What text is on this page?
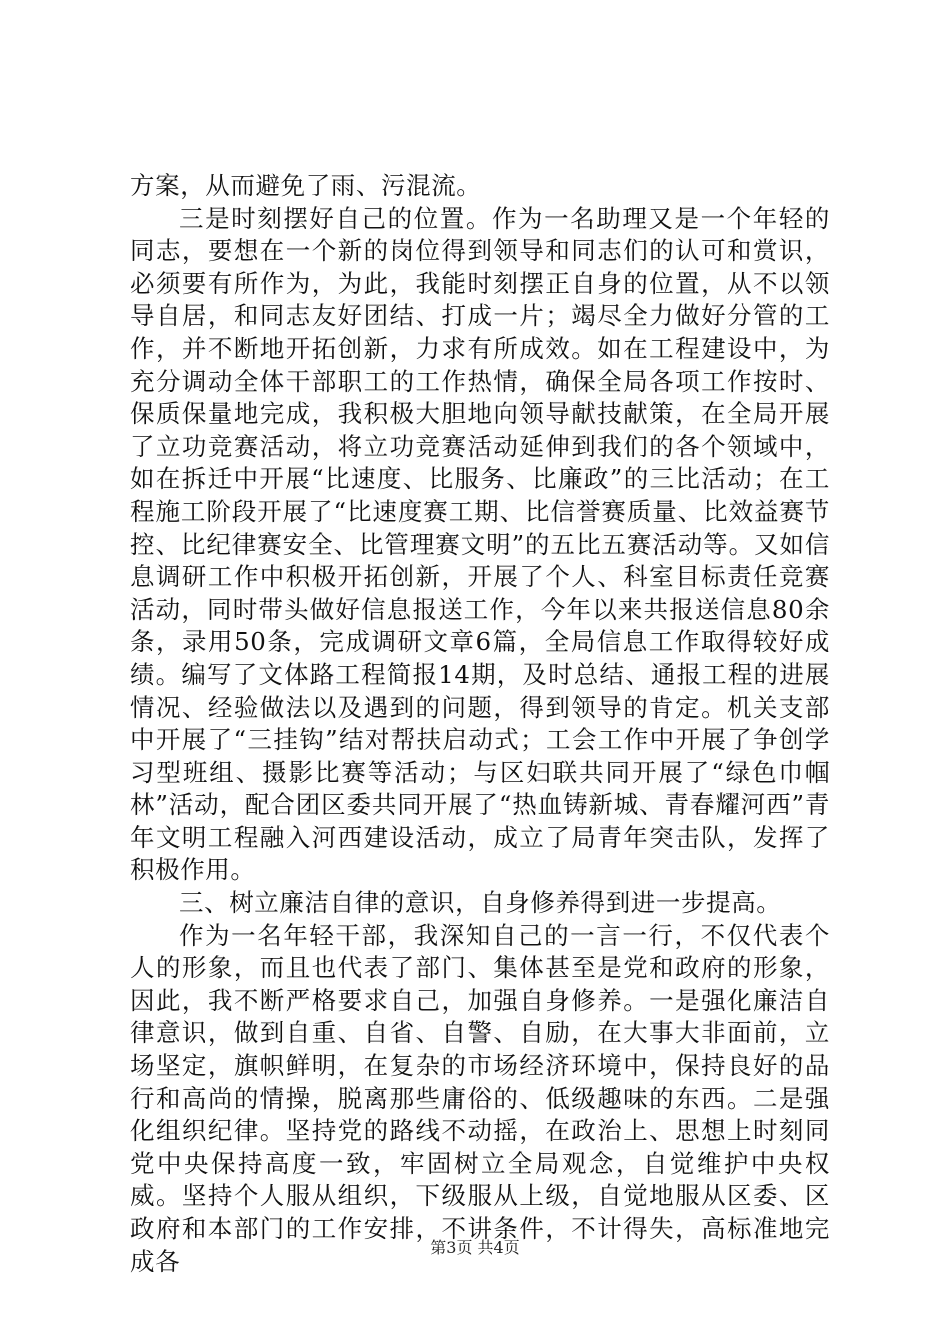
方案，从而避免了雨、污混流。

三是时刻摆好自己的位置。作为一名助理又是一个年轻的同志，要想在一个新的岗位得到领导和同志们的认可和赏识，必须要有所作为，为此，我能时刻摆正自身的位置，从不以领导自居，和同志友好团结、打成一片；竭尽全力做好分管的工作，并不断地开拓创新，力求有所成效。如在工程建设中，为充分调动全体干部职工的工作热情，确保全局各项工作按时、保质保量地完成，我积极大胆地向领导献技献策，在全局开展了立功竞赛活动，将立功竞赛活动延伸到我们的各个领域中，如在拆迁中开展“比速度、比服务、比廉政”的三比活动；在工程施工阶段开展了“比速度赛工期、比信誉赛质量、比效益赛节控、比纪律赛安全、比管理赛文明”的五比五赛活动等。又如信息调研工作中积极开拓创新，开展了个人、科室目标责任竞赛活动，同时带头做好信息报送工作，今年以来共报送信息80余条，录用50条，完成调研文章6篇，全局信息工作取得较好成绩。编写了文体路工程简报14期，及时总结、通报工程的进展情况、经验做法以及遇到的问题，得到领导的肯定。机关支部中开展了“三挂钩”结对帮扶启动式；工会工作中开展了争创学习型班组、摄影比赛等活动；与区妇联共同开展了“绿色巾帼林”活动，配合团区委共同开展了“热血铸新城、青春耀河西”青年文明工程融入河西建设活动，成立了局青年突击队，发挥了积极作用。

三、树立廉洁自律的意识，自身修养得到进一步提高。

作为一名年轻干部，我深知自己的一言一行，不仅代表个人的形象，而且也代表了部门、集体甚至是党和政府的形象，因此，我不断严格要求自己，加强自身修养。一是强化廉洁自律意识，做到自重、自省、自警、自励，在大事大非面前，立场坚定，旗帜鲜明，在复杂的市场经济环境中，保持良好的品行和高尚的情操，脱离那些庸俗的、低级趣味的东西。二是强化组织纪律。坚持党的路线不动摇，在政治上、思想上时刻同党中央保持高度一致，牢固树立全局观念，自觉维护中央权威。坚持个人服从组织，下级服从上级，自觉地服从区委、区政府和本部门的工作安排，不讲条件，不计得失，高标准地完成各	第3页 共4页
